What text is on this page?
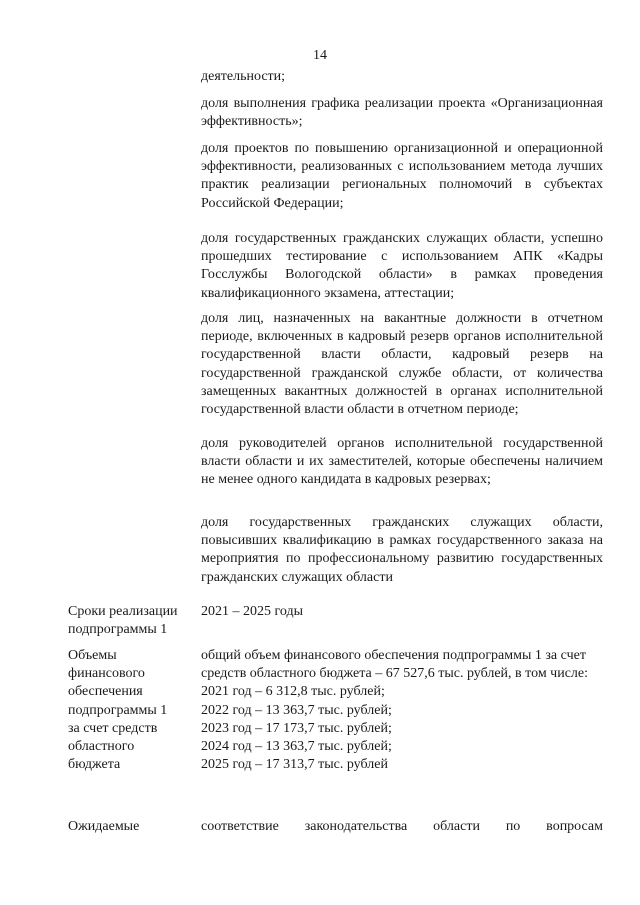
14

деятельности;

доля выполнения графика реализации проекта «Организационная эффективность»;

доля проектов по повышению организационной и операционной эффективности, реализованных с использованием метода лучших практик реализации региональных полномочий в субъектах Российской Федерации;

доля государственных гражданских служащих области, успешно прошедших тестирование с использованием АПК «Кадры Госслужбы Вологодской области» в рамках проведения квалификационного экзамена, аттестации;

доля лиц, назначенных на вакантные должности в отчетном периоде, включенных в кадровый резерв органов исполнительной государственной власти области, кадровый резерв на государственной гражданской службе области, от количества замещенных вакантных должностей в органах исполнительной государственной власти области в отчетном периоде;

доля руководителей органов исполнительной государственной власти области и их заместителей, которые обеспечены наличием не менее одного кандидата в кадровых резервах;

доля государственных гражданских служащих области, повысивших квалификацию в рамках государственного заказа на мероприятия по профессиональному развитию государственных гражданских служащих области

Сроки реализации
подпрограммы 1
2021 – 2025 годы
Объемы
финансового
обеспечения
подпрограммы 1
за счет средств
областного
бюджета
общий объем финансового обеспечения подпрограммы 1 за счет средств областного бюджета – 67 527,6 тыс. рублей, в том числе:
2021 год – 6 312,8 тыс. рублей;
2022 год – 13 363,7 тыс. рублей;
2023 год – 17 173,7 тыс. рублей;
2024 год – 13 363,7 тыс. рублей;
2025 год – 17 313,7 тыс. рублей
Ожидаемые	соответствие законодательства области по вопросам
